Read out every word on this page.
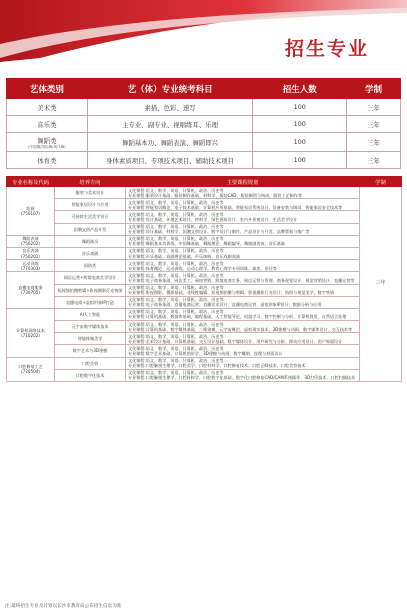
招生专业
艺体类别	艺（体）专业统考科目	招生人数	学制
美术类	素描、色彩、速写	100	三年
音乐类	主专业、副专业、视唱练耳、乐理	100	三年
舞蹈类
(中国舞/国标舞/现代舞)	舞蹈基本功、舞蹈表演、舞蹈即兴	100	三年
体育类	身体素质项目、专项技术项目、辅助技术项目	100	三年
专业名称及代码	培养方向	主要课程规划	学制
绘画
(750107)	服装与美术设计	文化课程:语文、数学、英语、计算机、政治、历史等
专业课程:服装设计基础、服装制作基础、材料学、服装CAD、服装制图与构成、服装工艺制作等	三年
	智能家居设计与应用	文化课程:语文、数学、英语、计算机、政治、历史等
专业课程:智能家居概论、电子技术基础、计算机应用基础、智能家居系统设计、设备安装与调试、智能家居安全技术等	
	可持续生活美学设计	文化课程:语文、数学、英语、计算机、政治、历史等
专业课程:设计基础、环境艺术设计、材料学、绿色建筑设计、室内外景观设计、生活美学设计	
	国潮文创产品开发	文化课程:语文、数学、英语、计算机、政治、历史等
专业课程:设计基础、材料学、国潮文创设计、数字设计与制作、产品设计与开发、品牌策划与推广等	
舞蹈表演
(750202)	舞蹈演员	文化课程:语文、数学、英语、计算机、政治、历史等
专业课程:舞蹈基本功训练、中国舞基础、舞蹈理论、舞蹈编导、舞蹈剧表演、音乐基础	
音乐表演
(750201)	音乐戏剧	文化课程:语文、数学、英语、计算机、政治、历史等
专业课程:声乐基础、戏剧理论基础、声乐演唱、音乐戏剧表演	
运动训练
(770303)	国防类	文化课程:语文、数学、英语、计算机、政治、历史等
专业课程:体育概论、运动训练、运动心理学、教育心理学专项训练、球类、田径等	
直播电商服务
(730705)	网店运营+跨境电商美学设计	文化课程:语文、数学、英语、计算机、政治、历史等
专业课程:电子商务基础、网店美工、网络营销、跨境电商实务、网店运营与管理、商务视觉设计、视觉营销设计、直播运营等	
	短视频拍摄剪辑+影视摄影灯光构图	文化课程:语文、数学、英语、计算机、政治、历史等
专业课程:影视摄影、摄影基础、非线性编辑、短视频拍摄与剪辑、影视摄影灯光设计、构图与视觉美学、数字营销	
	直播电商+虚拟形象IP打造	文化课程:语文、数学、英语、计算机、政治、历史等
专业课程:电子商务基础、直播电商运营、直播话术设计、直播电商运营、虚拟形象IP设计、数据分析与应用	
计算机网络技术
(710202)	AI人工智能	文化课程:语文、数学、英语、计算机、政治、历史等
专业课程:计算机基础、数据库基础、编程基础、人工智能导论、机器学习、数字控制与分析、计算机视觉、自然语言处理	
	元宇宙数字媒体技术	文化课程:语文、数学、英语、计算机、政治、历史等
专业课程:计算机基础、数字媒体基础、三维建模、元宇宙概论、虚拟现实技术、3D建模与动画、数字媒体设计、交互技术等	
	智能终端美学	文化课程:语文、数学、英语、计算机、政治、历史等
专业课程:艺术设计基础、计算机基础、交互设计基础、数字媒体设计、用户研究与分析、移动应用设计、用户界面设计	
	数字艺术与3D建模	文化课程:语文、数学、英语、计算机、政治、历史等
专业课程:数字艺术基础、计算机图形学、3D建模与动画、数字雕刻、纹理与材质设计	
口腔修复工艺
(720504)	口腔美容	文化课程:语文、数学、英语、计算机、政治、历史等
专业课程:口腔解剖生理学、口腔美学、口腔材料学、口腔修复技术、口腔正畸技术、口腔美容技术	
	口腔数字化技术	文化课程:语文、数学、英语、计算机、政治、历史等
专业课程:口腔解剖生理学、口腔材料学、口腔数字化基础、数字化口腔修复CAD/CAM系统操作、3D打印技术、口腔扫描技术	
注:最终招生专业及计划以长沙市教育局公布招生信息为准
